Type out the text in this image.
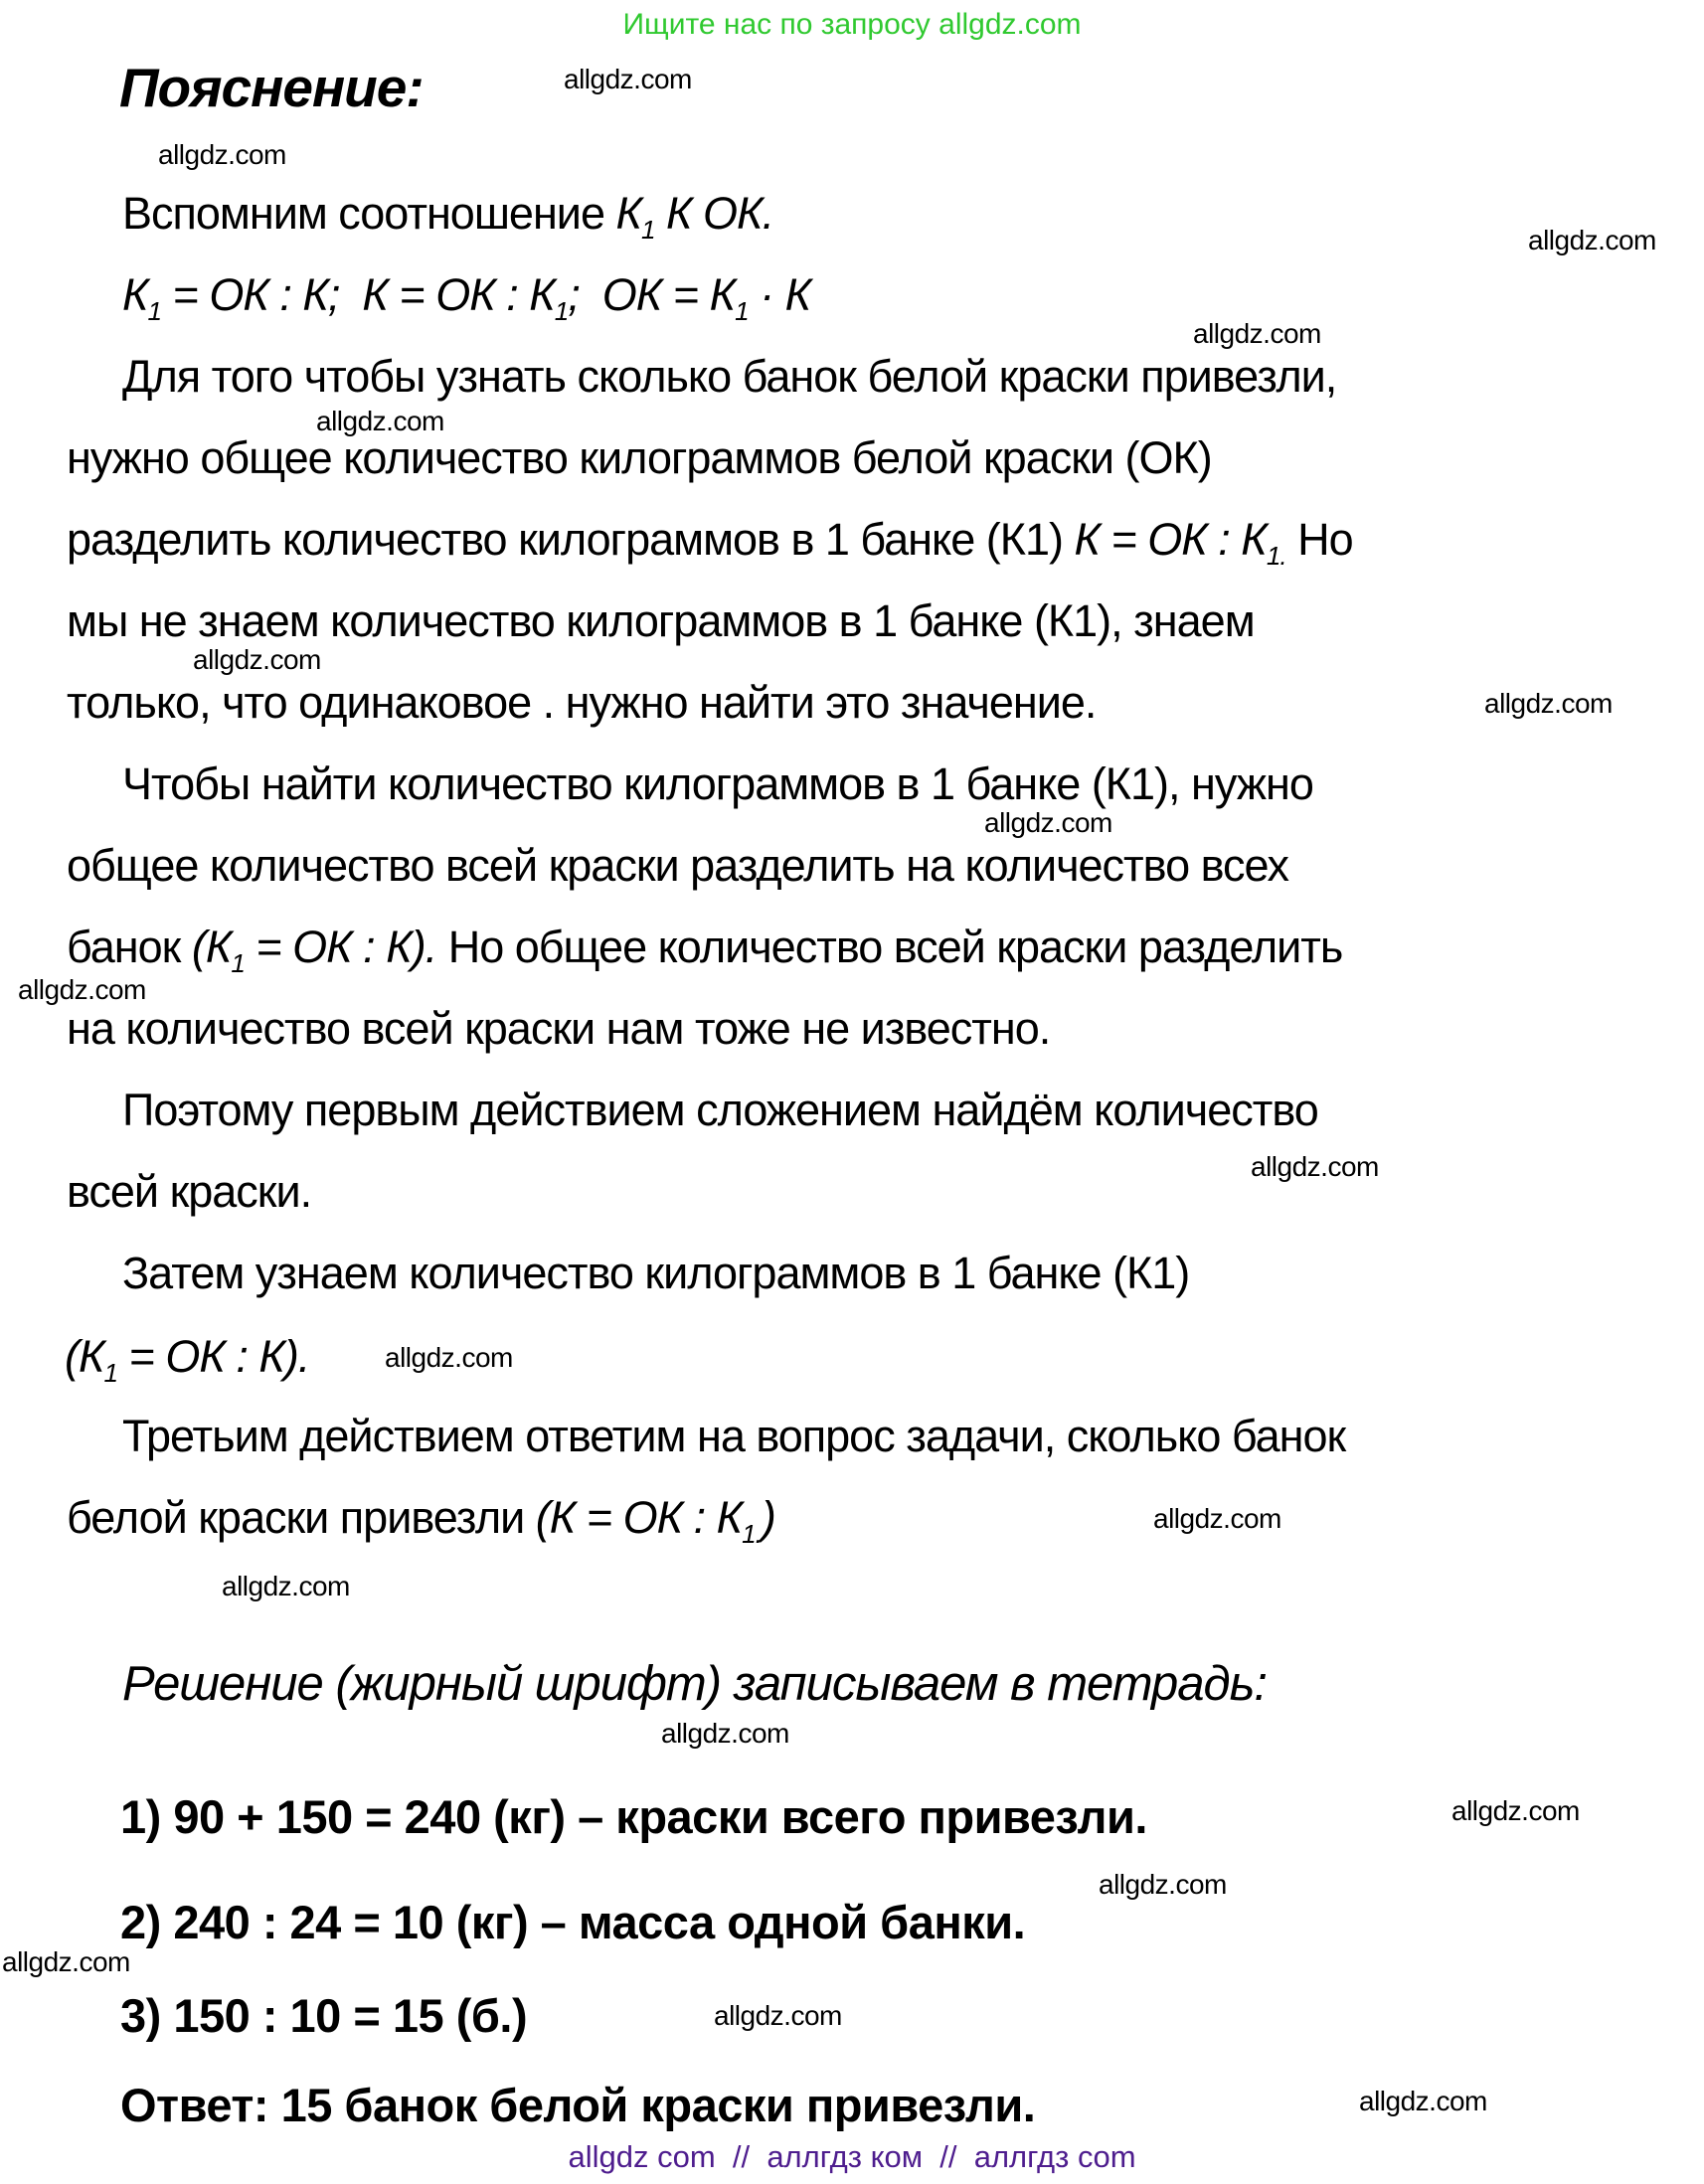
Ищите нас по запросу allgdz.com
Пояснение:
Вспомним соотношение $К_1$ К ОК.
$К_1$ = ОК : К;  К = ОК : $К_1$;  ОК = $К_1 \cdot К$
Для того чтобы узнать сколько банок белой краски привезли,
нужно общее количество килограммов белой краски (ОК)
разделить количество килограммов в 1 банке (К1) К = ОК : $К_{1.}$ Но
мы не знаем количество килограммов в 1 банке (К1), знаем
только, что одинаковое . нужно найти это значение.
Чтобы найти количество килограммов в 1 банке (К1), нужно
общее количество всей краски разделить на количество всех
банок ($К_1$ = ОК : К). Но общее количество всей краски разделить
на количество всей краски нам тоже не известно.
Поэтому первым действием сложением найдём количество
всей краски.
Затем узнаем количество килограммов в 1 банке (К1)
($К_1$ = ОК : К).
Третьим действием ответим на вопрос задачи, сколько банок
белой краски привезли (К = ОК : $К_{1.}$)
Решение (жирный шрифт) записываем в тетрадь:
1) 90 + 150 = 240 (кг) – краски всего привезли.
2) 240 : 24 = 10 (кг) – масса одной банки.
3) 150 : 10 = 15 (б.)
Ответ: 15 банок белой краски привезли.
allgdz.com
allgdz.com
allgdz.com
allgdz.com
allgdz.com
allgdz.com
allgdz.com
allgdz.com
allgdz.com
allgdz.com
allgdz.com
allgdz.com
allgdz.com
allgdz.com
allgdz.com
allgdz.com
allgdz.com
allgdz.com
allgdz.com
allgdz com  //  аллгдз ком  //  аллгдз com
